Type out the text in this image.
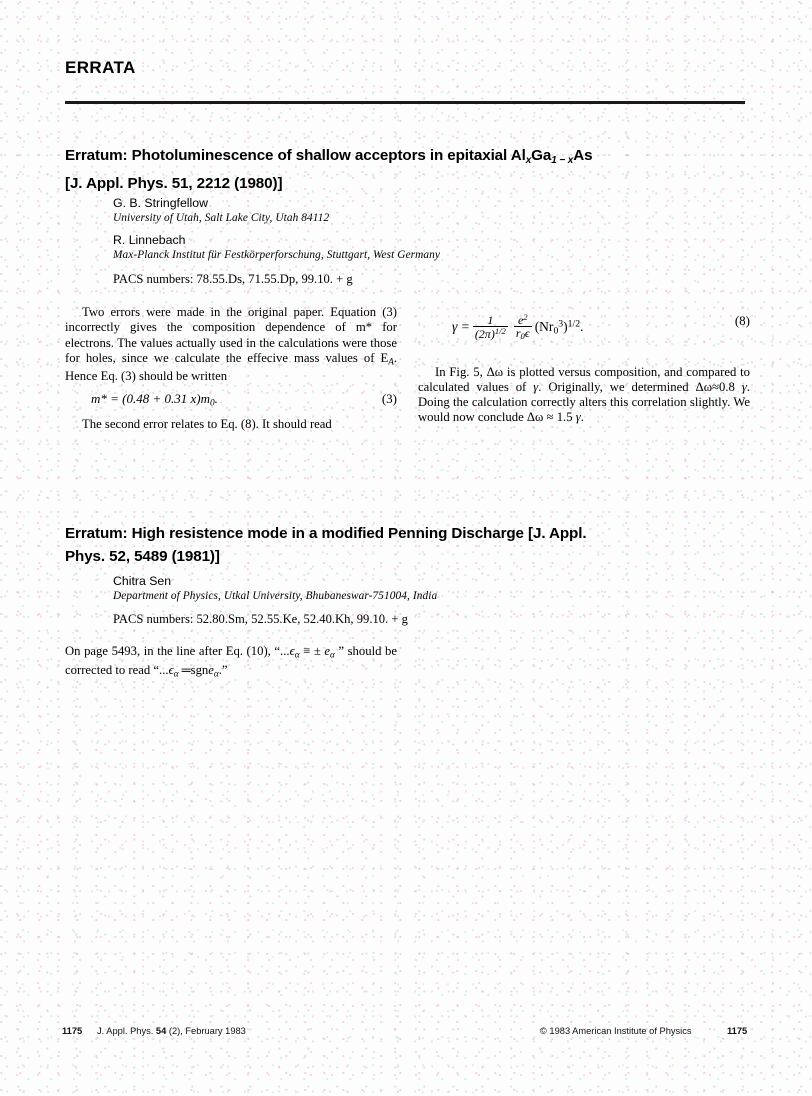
ERRATA
Erratum: Photoluminescence of shallow acceptors in epitaxial $Al_xGa_{1 - x}As$
[J. Appl. Phys. 51, 2212 (1980)]
G. B. Stringfellow
University of Utah, Salt Lake City, Utah 84112
R. Linnebach
Max-Planck Institut für Festkörperforschung, Stuttgart, West Germany
PACS numbers: 78.55.Ds, 71.55.Dp, 99.10. + g

Two errors were made in the original paper. Equation (3) incorrectly gives the composition dependence of m* for electrons. The values actually used in the calculations were those for holes, since we calculate the effecive mass values of $E_A$. Hence Eq. (3) should be written

m* = (0.48 + 0.31 $x)m_0$.	(3)

The second error relates to Eq. (8). It should read

$\gamma = \frac{1}{(2\pi)^{1/2}} \frac{e^2}{r_0\epsilon} (Nr_0^3)^{1/2}$.	(8)

In Fig. 5, Δω is plotted versus composition, and compared to calculated values of γ. Originally, we determined Δω≈0.8 γ. Doing the calculation correctly alters this correlation slightly. We would now conclude Δω ≈ 1.5 γ.

Erratum: High resistence mode in a modified Penning Discharge [J. Appl.
Phys. 52, 5489 (1981)]
Chitra Sen
Department of Physics, Utkal University, Bhubaneswar-751004, India
PACS numbers: 52.80.Sm, 52.55.Ke, 52.40.Kh, 99.10. + g
On page 5493, in the line after Eq. (10), “$...\epsilon_\alpha$ ≡ ± $e_\alpha$ ” should be corrected to read “$...\epsilon_\alpha$ ═sgne$_\alpha$.”
1175 J. Appl. Phys. 54 (2), February 1983	© 1983 American Institute of Physics	1175
